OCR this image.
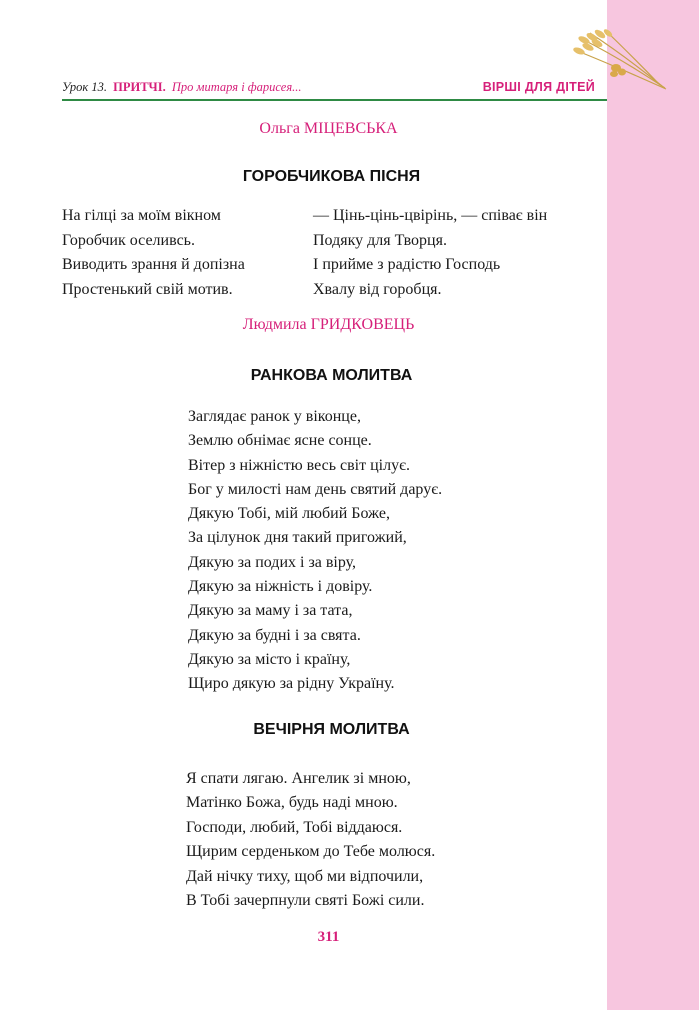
Урок 13. ПРИТЧІ. Про митаря і фарисея...	ВІРШІ ДЛЯ ДІТЕЙ
Ольга МІЦЕВСЬКА
ГОРОБЧИКОВА ПІСНЯ
На гілці за моїм вікном
Горобчик оселивсь.
Виводить зрання й допізна
Простенький свій мотив.
— Цінь-цінь-цвірінь, — співає він
Подяку для Творця.
І прийме з радістю Господь
Хвалу від горобця.
Людмила ГРИДКОВЕЦЬ
РАНКОВА МОЛИТВА
Заглядає ранок у віконце,
Землю обнімає ясне сонце.
Вітер з ніжністю весь світ цілує.
Бог у милості нам день святий дарує.
Дякую Тобі, мій любий Боже,
За цілунок дня такий пригожий,
Дякую за подих і за віру,
Дякую за ніжність і довіру.
Дякую за маму і за тата,
Дякую за будні і за свята.
Дякую за місто і країну,
Щиро дякую за рідну Україну.
ВЕЧІРНЯ МОЛИТВА
Я спати лягаю. Ангелик зі мною,
Матінко Божа, будь наді мною.
Господи, любий, Тобі віддаюся.
Щирим серденьком до Тебе молюся.
Дай нічку тиху, щоб ми відпочили,
В Тобі зачерпнули святі Божі сили.
311
